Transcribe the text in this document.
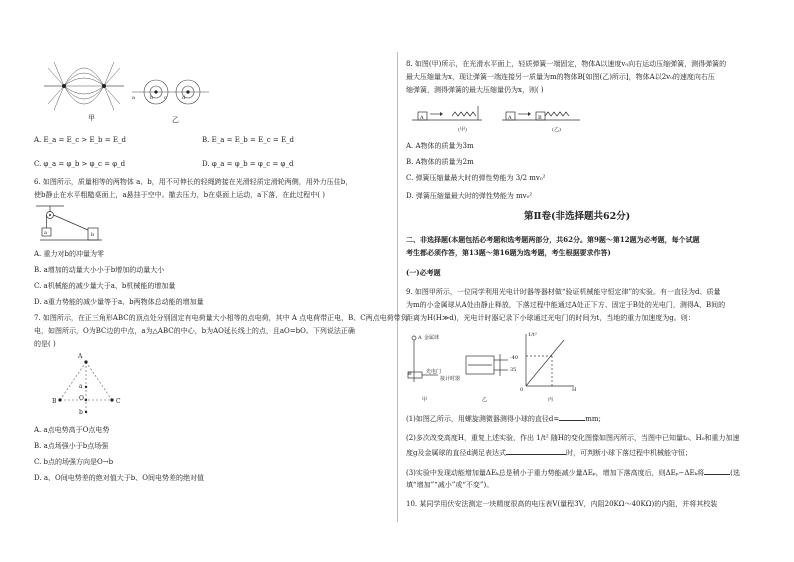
甲	乙
a	b c	d
A. E_a = E_c > E_b = E_d	B. E_a = E_b = E_c = E_d
C. φ_a = φ_b > φ_c = φ_d	D. φ_a = φ_b = φ_c = φ_d
6. 如图所示，质量相等的两物体 a、b，用不可伸长的轻绳跨接在光滑轻质定滑轮两侧，用外力压住b，
使b静止在水平粗糙桌面上，a悬挂于空中。撤去压力，b在桌面上运动，a下落，在此过程中( )
a	b
A. 重力对b的冲量为零
B. a增加的动量大小小于b增加的动量大小
C. a机械能的减少量大于a、b机械能的增加量
D. a重力势能的减少量等于a、b两物体总动能的增加量
7. 如图所示，在正三角形ABC的顶点处分别固定有电荷量大小相等的点电荷，其中 A 点电荷带正电，B、C两点电荷带负
电，如图所示，O为BC边的中点，a为△ABC的中心，b为AO延长线上的点，且aO=bO。下列说法正确
的是( )
A
a
B	O
b
C
A. a点电势高于O点电势
B. a点场强小于b点场强
C. b点的场强方向是O→b
D. a、O间电势差的绝对值大于b、O间电势差的绝对值
8. 如图(甲)所示，在光滑水平面上，轻质弹簧一端固定，物体A以速度v₀向右运动压缩弹簧，测得弹簧的
最大压缩量为x，现让弹簧一端连接另一质量为m的物体B[如图(乙)所示]，物体A以2v₀的速度向右压
缩弹簧，测得弹簧的最大压缩量仍为x，则( )
A
(甲)
A	B
(乙)
A. A物体的质量为3m
B. A物体的质量为2m
C. 弹簧压缩量最大时的弹性势能为 3/2 mv₀²
D. 弹簧压缩量最大时的弹性势能为 mv₀²
第Ⅱ卷(非选择题共62分)
二、非选择题(本题包括必考题和选考题两部分，共62分。第9题～第12题为必考题，每个试题
考生都必须作答，第13题～第16题为选考题，考生根据要求作答)
(一)必考题
9. 如图甲所示，一位同学利用光电计时器等器材做“验证机械能守恒定律”的实验。有一直径为d、质量
为m的小金属球从A处由静止释放，下落过程中能通过A处正下方、固定于B处的光电门，测得A、B间的
距离为H(H≫d)，光电计时器记录下小球通过光电门的时间为t，当地的重力加速度为g。则：
A 金属球
B	光电门
接计时器
-40
35
0
1/t²
H
甲	乙	丙
(1)如图乙所示，用螺旋测微器测得小球的直径d=	mm;
(2)多次改变高度H，重复上述实验，作出 1/t² 随H的变化图像如图丙所示，当图中已知量t₀、H₀和重力加速
度g及金属球的直径d满足表达式	时，可判断小球下落过程中机械能守恒；
(3)实验中发现动能增加量ΔEₖ总是稍小于重力势能减少量ΔEₚ，增加下落高度后，则ΔEₚ−ΔEₖ将	(选
填“增加”“减小”或“不变”)。
10. 某同学用伏安法测定一块精度很高的电压表V(量程3V，内阻20KΩ～40KΩ)的内阻，并将其校装
